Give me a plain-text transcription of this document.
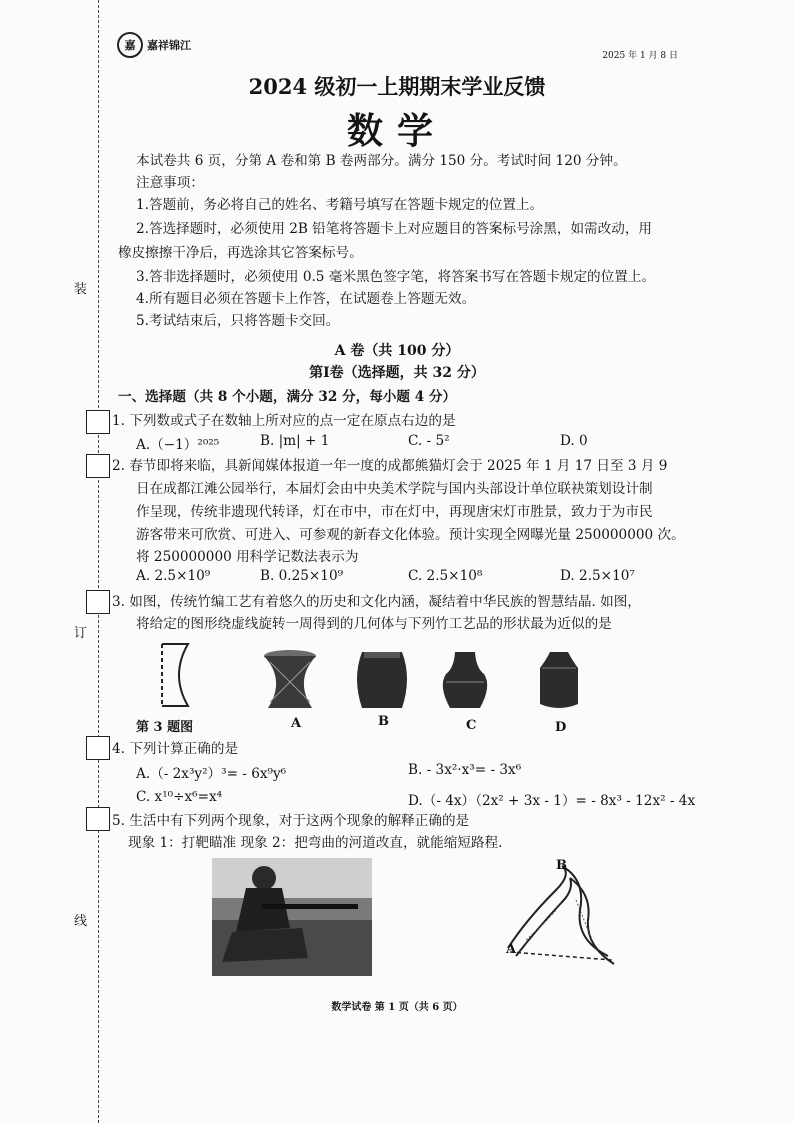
装
订
线
嘉	嘉祥锦江
2025 年 1 月 8 日
2024 级初一上期期末学业反馈
数学
本试卷共 6 页，分第 A 卷和第 B 卷两部分。满分 150 分。考试时间 120 分钟。
注意事项：
1.答题前，务必将自己的姓名、考籍号填写在答题卡规定的位置上。
2.答选择题时，必须使用 2B 铅笔将答题卡上对应题目的答案标号涂黑，如需改动，用
橡皮擦擦干净后，再选涂其它答案标号。
3.答非选择题时，必须使用 0.5 毫米黑色签字笔，将答案书写在答题卡规定的位置上。
4.所有题目必须在答题卡上作答，在试题卷上答题无效。
5.考试结束后，只将答题卡交回。
A 卷（共 100 分）
第Ⅰ卷（选择题，共 32 分）
一、选择题（共 8 个小题，满分 32 分，每小题 4 分）
1. 下列数或式子在数轴上所对应的点一定在原点右边的是
A.（−1）²⁰²⁵	B. |m| + 1	C. - 5²	D. 0
2. 春节即将来临，具新闻媒体报道一年一度的成都熊猫灯会于 2025 年 1 月 17 日至 3 月 9
日在成都江滩公园举行，本届灯会由中央美术学院与国内头部设计单位联袂策划设计制
作呈现，传统非遗现代转译，灯在市中，市在灯中，再现唐宋灯市胜景，致力于为市民
游客带来可欣赏、可进入、可参观的新春文化体验。预计实现全网曝光量 250000000 次。
将 250000000 用科学记数法表示为
A. 2.5×10⁹	B. 0.25×10⁹	C. 2.5×10⁸	D. 2.5×10⁷
3. 如图，传统竹编工艺有着悠久的历史和文化内涵，凝结着中华民族的智慧结晶. 如图，
将给定的图形绕虚线旋转一周得到的几何体与下列竹工艺品的形状最为近似的是
第 3 题图	A	B	C	D
4. 下列计算正确的是
A.（- 2x³y²）³= - 6x⁹y⁶	B. - 3x²·x³= - 3x⁶
C. x¹⁰÷x⁶=x⁴	D.（- 4x）（2x² + 3x - 1）= - 8x³ - 12x² - 4x
5. 生活中有下列两个现象，对于这两个现象的解释正确的是
现象 1：打靶瞄准 现象 2：把弯曲的河道改直，就能缩短路程.
A
B
数学试卷 第 1 页（共 6 页）
